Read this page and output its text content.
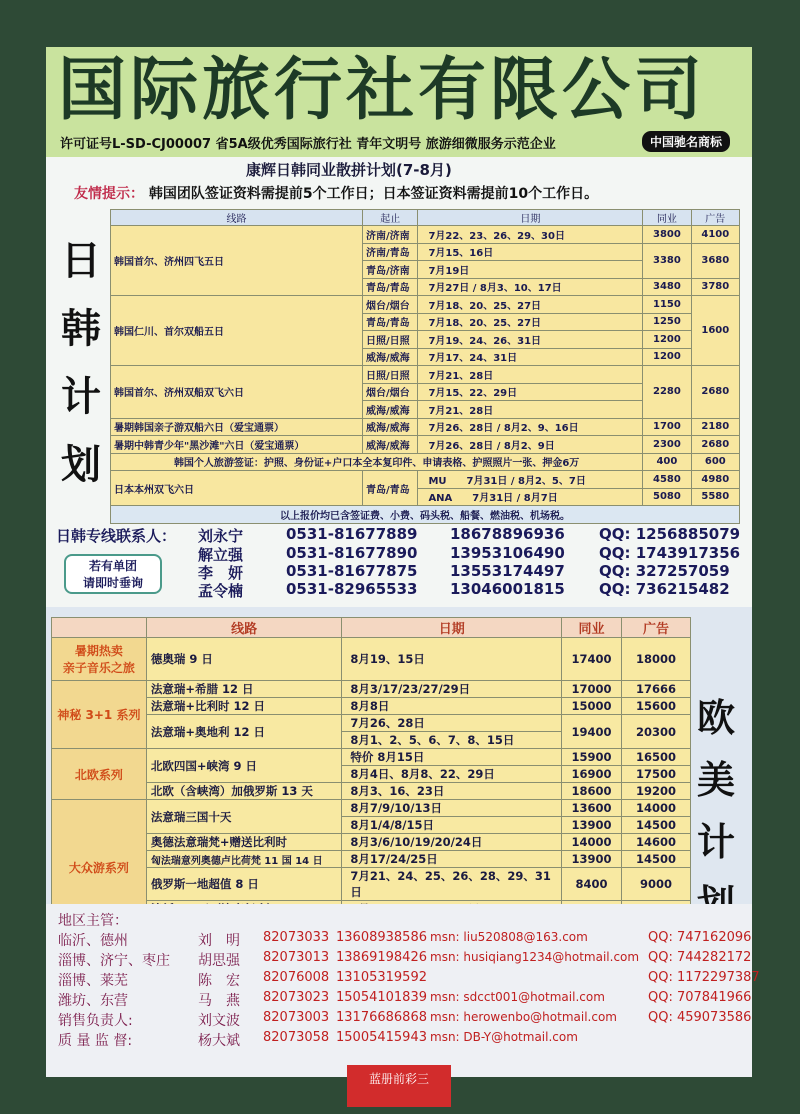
国际旅行社有限公司
许可证号L-SD-CJ00007 省5A级优秀国际旅行社 青年文明号 旅游细微服务示范企业	中国驰名商标
康辉日韩同业散拼计划(7-8月)
友情提示： 韩国团队签证资料需提前5个工作日；日本签证资料需提前10个工作日。
日
韩
计
划
线路	起止	日期	同业	广告
韩国首尔、济州四飞五日	济南/济南	7月22、23、26、29、30日	3800	4100
	济南/青岛	7月15、16日	3380	3680
	青岛/济南	7月19日		
	青岛/青岛	7月27日 / 8月3、10、17日	3480	3780
韩国仁川、首尔双船五日	烟台/烟台	7月18、20、25、27日	1150	1600
	青岛/青岛	7月18、20、25、27日	1250	
	日照/日照	7月19、24、26、31日	1200	
	威海/威海	7月17、24、31日	1200	
韩国首尔、济州双船双飞六日	日照/日照	7月21、28日	2280	2680
	烟台/烟台	7月15、22、29日		
	威海/威海	7月21、28日		
暑期韩国亲子游双船六日（爱宝通票）	威海/威海	7月26、28日 / 8月2、9、16日	1700	2180
暑期中韩青少年"黑沙滩"六日（爱宝通票）	威海/威海	7月26、28日 / 8月2、9日	2300	2680
韩国个人旅游签证：护照、身份证+户口本全本复印件、申请表格、护照照片一张、押金6万			400	600
日本本州双飞六日	青岛/青岛	MU　　7月31日 / 8月2、5、7日	4580	4980
		ANA　　7月31日 / 8月7日	5080	5580
以上报价均已含签证费、小费、码头税、船餐、燃油税、机场税。				
日韩专线联系人： 刘永宁	0531-81677889 18678896936 QQ: 1256885079
解立强	0531-81677890 13953106490 QQ: 1743917356
李　妍	0531-81677875 13553174497 QQ: 327257059
孟令楠	0531-82965533 13046001815 QQ: 736215482
若有单团
请即时垂询
	线路	日期	同业	广告

暑期热卖
亲子音乐之旅	德奥瑞 9 日	8月19、15日	17400	18000
神秘 3+1 系列	法意瑞+希腊 12 日	8月3/17/23/27/29日	17000	17666
	法意瑞+比利时 12 日	8月8日	15000	15600
	法意瑞+奥地利 12 日	7月26、28日	19400	20300
		8月1、2、5、6、7、8、15日		
北欧系列	北欧四国+峡湾 9 日	特价 8月15日	15900	16500
		8月4日、8月8、22、29日	16900	17500
	北欧（含峡湾）加俄罗斯 13 天	8月3、16、23日	18600	19200
大众游系列	法意瑞三国十天	8月7/9/10/13日	13600	14000
		8月1/4/8/15日	13900	14500
	奥德法意瑞梵+赠送比利时	8月3/6/10/19/20/24日	14000	14600
	匈法瑞意列奥德卢比荷梵 11 国 14 日	8月17/24/25日	13900	14500
	俄罗斯一地超值 8 日	7月21、24、25、26、28、29、31日	8400	9000

欧
美
计
地区主管：
临沂、德州	刘　明 82073033 13608938586 msn: liu520808@163.com	QQ: 747162096
淄博、济宁、枣庄 胡思强 82073013 13869198426 msn: husiqiang1234@hotmail.com QQ: 744282172
淄博、莱芜	陈　宏 82076008 13105319592	QQ: 1172297387
潍坊、东营	马　燕 82073023 15054101839 msn: sdcct001@hotmail.com	QQ: 707841966
销售负责人:	刘文波 82073003 13176686868 msn: herowenbo@hotmail.com QQ: 459073586
质 量 监 督:	杨大斌 82073058 15005415943 msn: DB-Y@hotmail.com
蓝册前彩三
